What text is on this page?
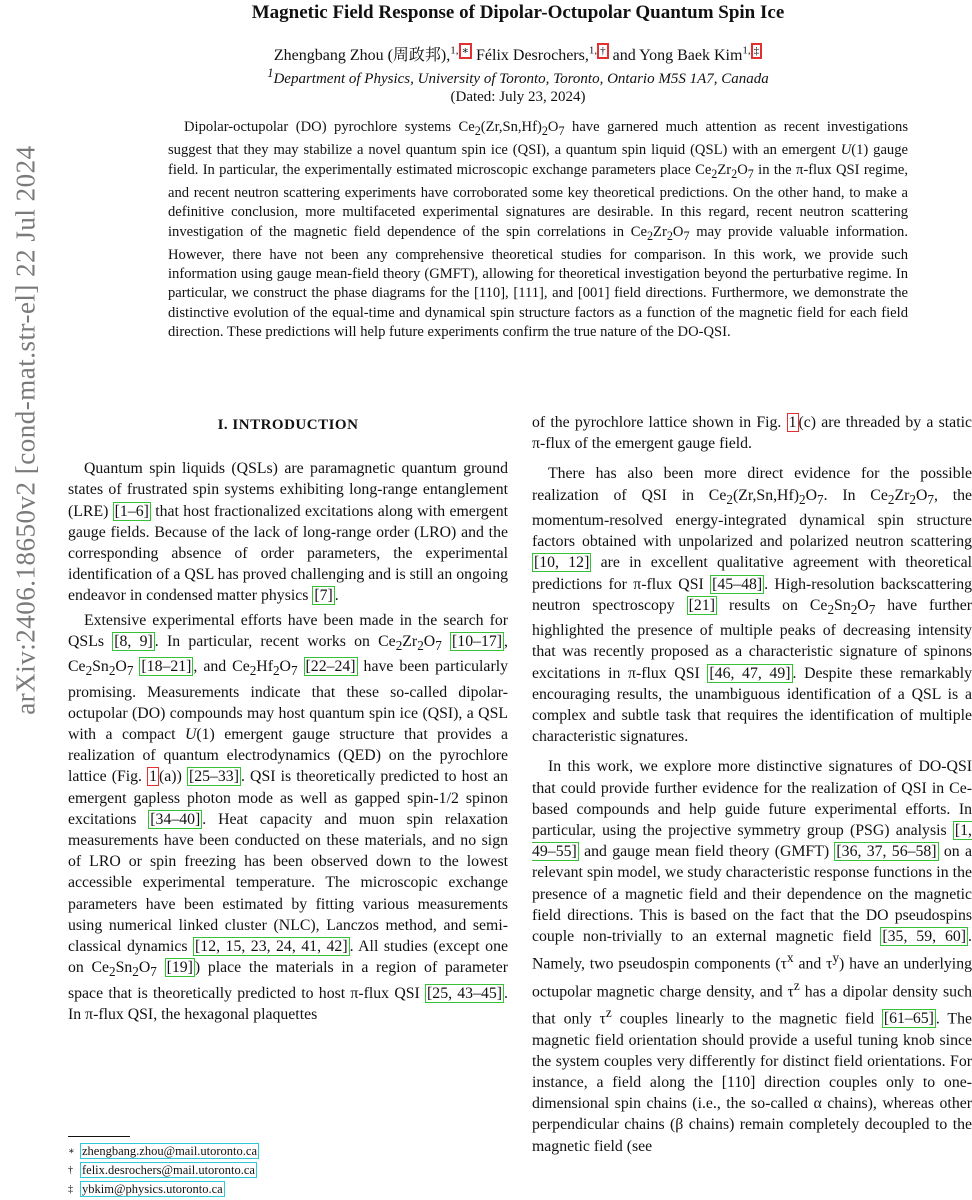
arXiv:2406.18650v2 [cond-mat.str-el] 22 Jul 2024
Magnetic Field Response of Dipolar-Octupolar Quantum Spin Ice
Zhengbang Zhou (周政邦),$^{1,}$ ∗ Félix Desrochers,$^{1,}$ † and Yong Baek Kim$^{1,}$ ‡
$^1$Department of Physics, University of Toronto, Toronto, Ontario M5S 1A7, Canada
(Dated: July 23, 2024)
Dipolar-octupolar (DO) pyrochlore systems $Ce_2(Zr,Sn,Hf)_2O_7$ have garnered much attention as recent investigations suggest that they may stabilize a novel quantum spin ice (QSI), a quantum spin liquid (QSL) with an emergent U(1) gauge field. In particular, the experimentally estimated microscopic exchange parameters place $Ce_2Zr_2O_7$ in the π-flux QSI regime, and recent neutron scattering experiments have corroborated some key theoretical predictions. On the other hand, to make a definitive conclusion, more multifaceted experimental signatures are desirable. In this regard, recent neutron scattering investigation of the magnetic field dependence of the spin correlations in $Ce_2Zr_2O_7$ may provide valuable information. However, there have not been any comprehensive theoretical studies for comparison. In this work, we provide such information using gauge mean-field theory (GMFT), allowing for theoretical investigation beyond the perturbative regime. In particular, we construct the phase diagrams for the [110], [111], and [001] field directions. Furthermore, we demonstrate the distinctive evolution of the equal-time and dynamical spin structure factors as a function of the magnetic field for each field direction. These predictions will help future experiments confirm the true nature of the DO-QSI.
I. INTRODUCTION

Quantum spin liquids (QSLs) are paramagnetic quantum ground states of frustrated spin systems exhibiting long-range entanglement (LRE) [1–6] that host fractionalized excitations along with emergent gauge fields. Because of the lack of long-range order (LRO) and the corresponding absence of order parameters, the experimental identification of a QSL has proved challenging and is still an ongoing endeavor in condensed matter physics [7] .

Extensive experimental efforts have been made in the search for QSLs [8, 9] . In particular, recent works on $Ce_2Zr_2O_7$ [10–17] , $Ce_2Sn_2O_7$ [18–21] , and $Ce_2Hf_2O_7$ [22–24] have been particularly promising. Measurements indicate that these so-called dipolar-octupolar (DO) compounds may host quantum spin ice (QSI), a QSL with a compact U(1) emergent gauge structure that provides a realization of quantum electrodynamics (QED) on the pyrochlore lattice (Fig. 1 (a)) [25–33] . QSI is theoretically predicted to host an emergent gapless photon mode as well as gapped spin-1/2 spinon excitations [34–40] . Heat capacity and muon spin relaxation measurements have been conducted on these materials, and no sign of LRO or spin freezing has been observed down to the lowest accessible experimental temperature. The microscopic exchange parameters have been estimated by fitting various measurements using numerical linked cluster (NLC), Lanczos method, and semi-classical dynamics [12, 15, 23, 24, 41, 42] . All studies (except one on $Ce_2Sn_2O_7$ [19] ) place the materials in a region of parameter space that is theoretically predicted to host π-flux QSI [25, 43–45] . In π-flux QSI, the hexagonal plaquettes

of the pyrochlore lattice shown in Fig. 1 (c) are threaded by a static π-flux of the emergent gauge field.

There has also been more direct evidence for the possible realization of QSI in $Ce_2(Zr,Sn,Hf)_2O_7$. In $Ce_2Zr_2O_7$, the momentum-resolved energy-integrated dynamical spin structure factors obtained with unpolarized and polarized neutron scattering [10, 12] are in excellent qualitative agreement with theoretical predictions for π-flux QSI [45–48] . High-resolution backscattering neutron spectroscopy [21] results on $Ce_2Sn_2O_7$ have further highlighted the presence of multiple peaks of decreasing intensity that was recently proposed as a characteristic signature of spinons excitations in π-flux QSI [46, 47, 49] . Despite these remarkably encouraging results, the unambiguous identification of a QSL is a complex and subtle task that requires the identification of multiple characteristic signatures.

In this work, we explore more distinctive signatures of DO-QSI that could provide further evidence for the realization of QSI in Ce-based compounds and help guide future experimental efforts. In particular, using the projective symmetry group (PSG) analysis [1, 49–55] and gauge mean field theory (GMFT) [36, 37, 56–58] on a relevant spin model, we study characteristic response functions in the presence of a magnetic field and their dependence on the magnetic field directions. This is based on the fact that the DO pseudospins couple non-trivially to an external magnetic field [35, 59, 60] . Namely, two pseudospin components ($\tau^x$ and $\tau^y$) have an underlying octupolar magnetic charge density, and $\tau^z$ has a dipolar density such that only $\tau^z$ couples linearly to the magnetic field [61–65] . The magnetic field orientation should provide a useful tuning knob since the system couples very differently for distinct field orientations. For instance, a field along the [110] direction couples only to one-dimensional spin chains (i.e., the so-called α chains), whereas other perpendicular chains (β chains) remain completely decoupled to the magnetic field (see

∗ zhengbang.zhou@mail.utoronto.ca
† felix.desrochers@mail.utoronto.ca
‡ ybkim@physics.utoronto.ca
